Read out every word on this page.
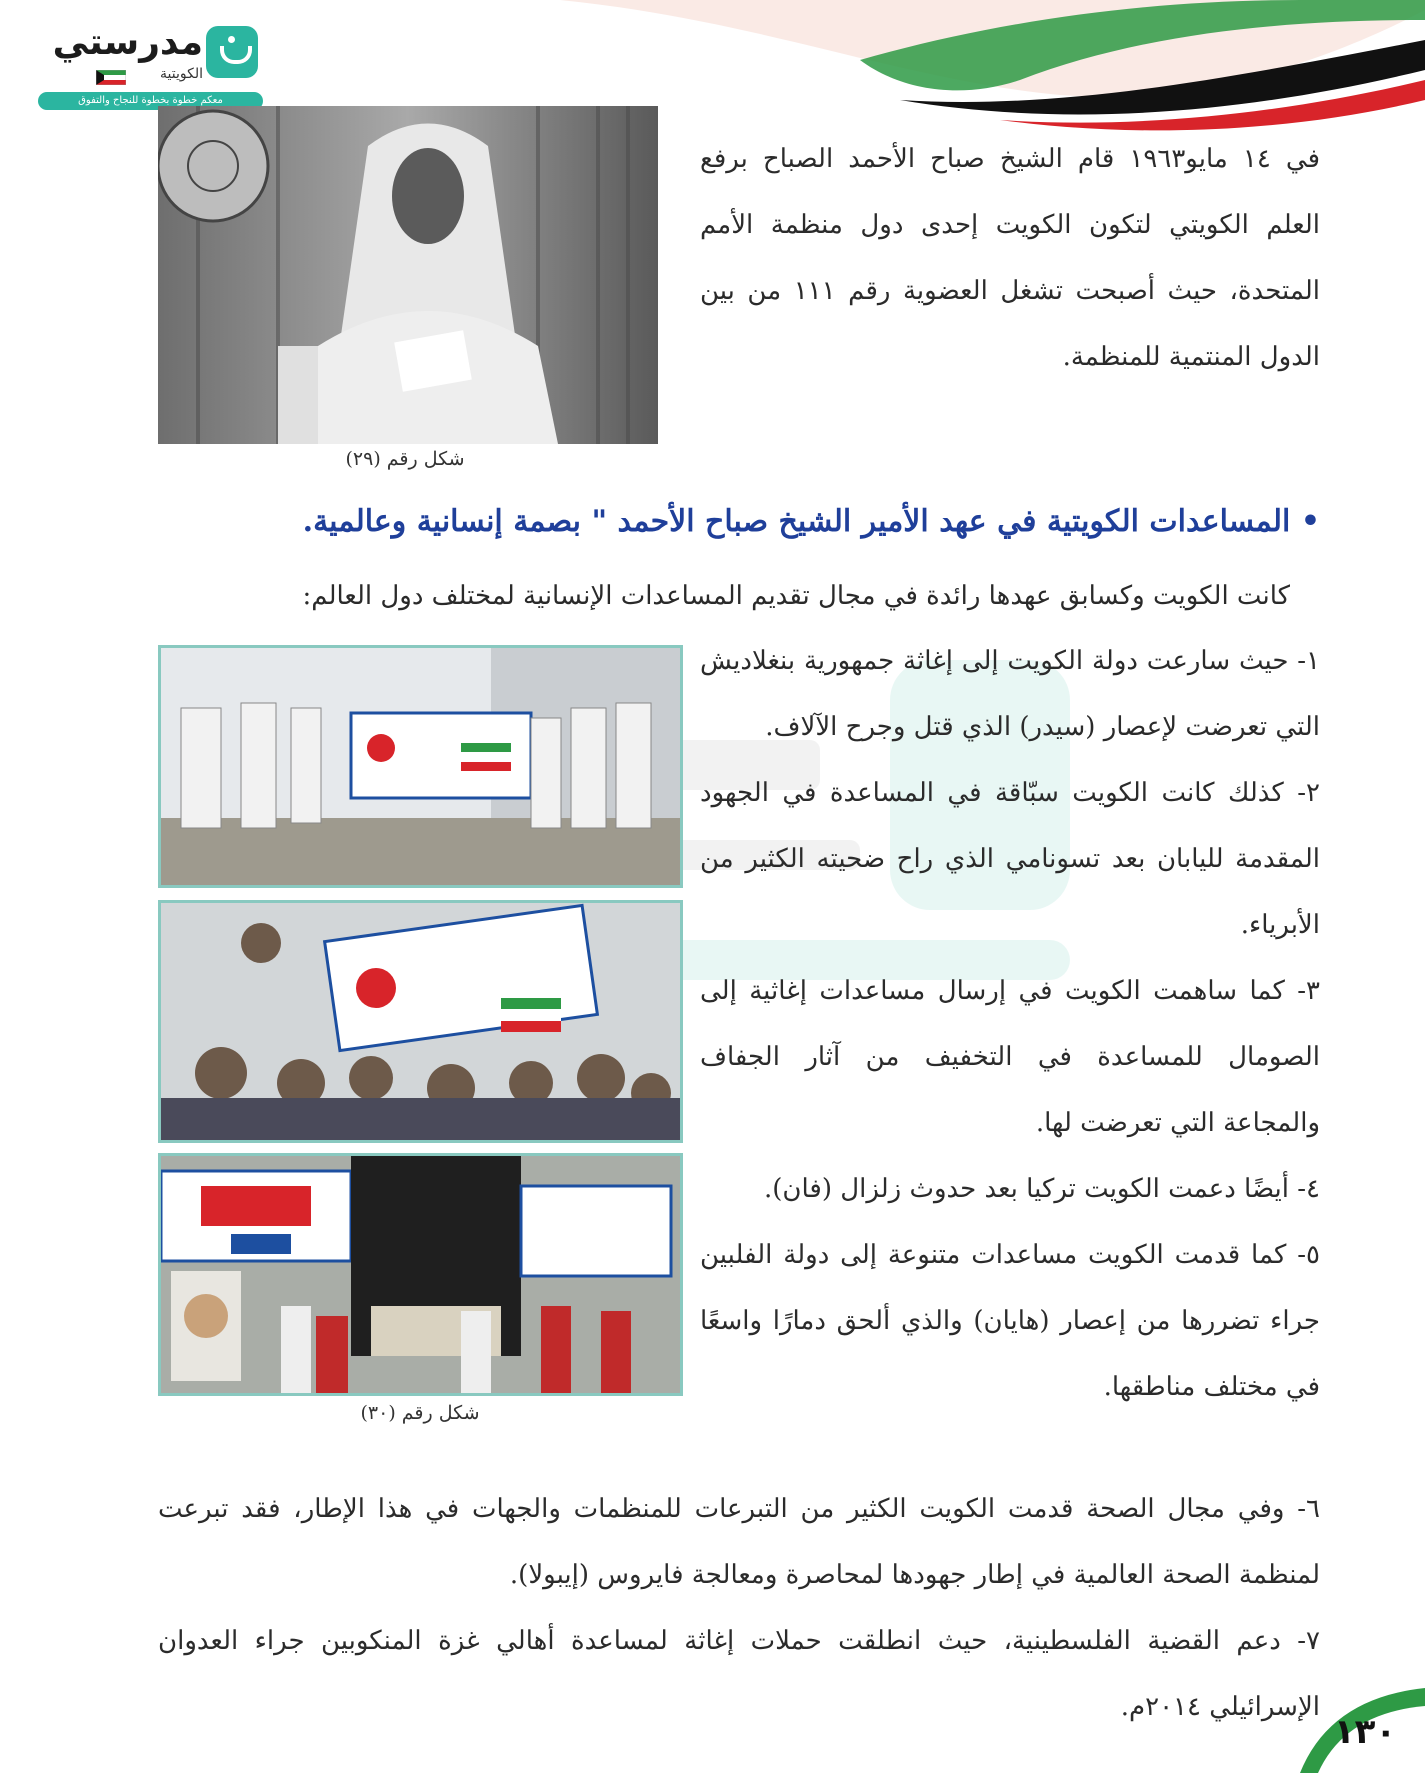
مدرستي
الكويتية
معكم خطوة بخطوة للنجاح والتفوق
شكل رقم (٢٩)
شكل رقم (٣٠)
في ١٤ مايو١٩٦٣ قام الشيخ صباح الأحمد الصباح برفع العلم الكويتي لتكون الكويت إحدى دول منظمة الأمم المتحدة، حيث أصبحت تشغل العضوية رقم ١١١ من بين الدول المنتمية للمنظمة.
• المساعدات الكويتية في عهد الأمير الشيخ صباح الأحمد " بصمة إنسانية وعالمية.
كانت الكويت وكسابق عهدها رائدة في مجال تقديم المساعدات الإنسانية لمختلف دول العالم:

١- حيث سارعت دولة الكويت إلى إغاثة جمهورية بنغلاديش التي تعرضت لإعصار (سيدر) الذي قتل وجرح الآلاف.

٢- كذلك كانت الكويت سبّاقة في المساعدة في الجهود المقدمة لليابان بعد تسونامي الذي راح ضحيته الكثير من الأبرياء.

٣- كما ساهمت الكويت في إرسال مساعدات إغاثية إلى الصومال للمساعدة في التخفيف من آثار الجفاف والمجاعة التي تعرضت لها.

٤- أيضًا دعمت الكويت تركيا بعد حدوث زلزال (فان).

٥- كما قدمت الكويت مساعدات متنوعة إلى دولة الفلبين جراء تضررها من إعصار (هايان) والذي ألحق دمارًا واسعًا في مختلف مناطقها.

٦- وفي مجال الصحة قدمت الكويت الكثير من التبرعات للمنظمات والجهات في هذا الإطار، فقد تبرعت لمنظمة الصحة العالمية في إطار جهودها لمحاصرة ومعالجة فايروس (إيبولا).

٧- دعم القضية الفلسطينية، حيث انطلقت حملات إغاثة لمساعدة أهالي غزة المنكوبين جراء العدوان الإسرائيلي ٢٠١٤م.

١٣٠
